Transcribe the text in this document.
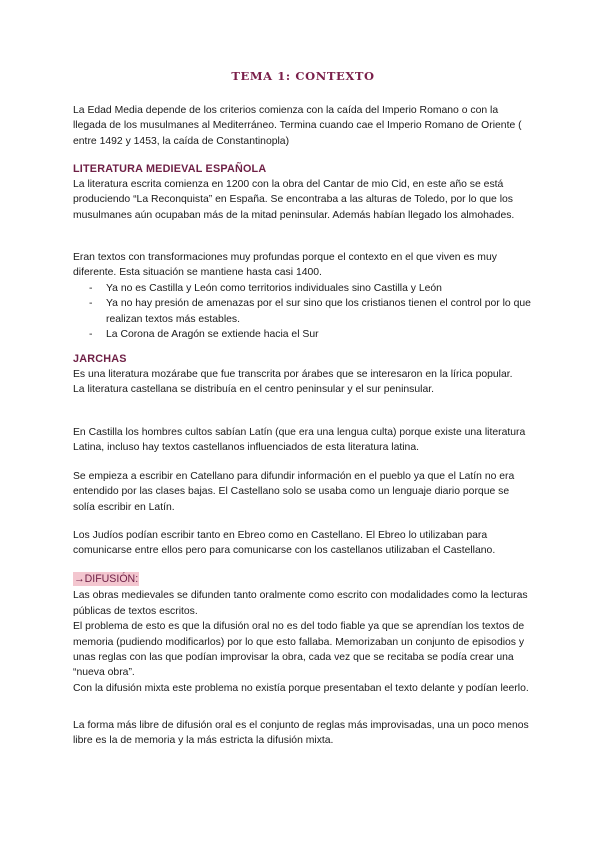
TEMA 1: CONTEXTO

La Edad Media depende de los criterios comienza con la caída del Imperio Romano o con la llegada de los musulmanes al Mediterráneo. Termina cuando cae el Imperio Romano de Oriente ( entre 1492 y 1453, la caída de Constantinopla)

LITERATURA MEDIEVAL ESPAÑOLA

La literatura escrita comienza en 1200 con la obra del Cantar de mio Cid, en este año se está produciendo “La Reconquista” en España. Se encontraba a las alturas de Toledo, por lo que los musulmanes aún ocupaban más de la mitad peninsular. Además habían llegado los almohades.

Eran textos con transformaciones muy profundas porque el contexto en el que viven es muy diferente. Esta situación se mantiene hasta casi 1400.

- Ya no es Castilla y León como territorios individuales sino Castilla y León
- Ya no hay presión de amenazas por el sur sino que los cristianos tienen el control por lo que realizan textos más estables.
- La Corona de Aragón se extiende hacia el Sur

JARCHAS

Es una literatura mozárabe que fue transcrita por árabes que se interesaron en la lírica popular.

La literatura castellana se distribuía en el centro peninsular y el sur peninsular.

En Castilla los hombres cultos sabían Latín (que era una lengua culta) porque existe una literatura Latina, incluso hay textos castellanos influenciados de esta literatura latina.

Se empieza a escribir en Catellano para difundir información en el pueblo ya que el Latín no era entendido por las clases bajas. El Castellano solo se usaba como un lenguaje diario porque se solía escribir en Latín.

Los Judíos podían escribir tanto en Ebreo como en Castellano. El Ebreo lo utilizaban para comunicarse entre ellos pero para comunicarse con los castellanos utilizaban el Castellano.

→DIFUSIÓN:

Las obras medievales se difunden tanto oralmente como escrito con modalidades como la lecturas públicas de textos escritos.

El problema de esto es que la difusión oral no es del todo fiable ya que se aprendían los textos de memoria (pudiendo modificarlos) por lo que esto fallaba. Memorizaban un conjunto de episodios y unas reglas con las que podían improvisar la obra, cada vez que se recitaba se podía crear una “nueva obra”.

Con la difusión mixta este problema no existía porque presentaban el texto delante y podían leerlo.

La forma más libre de difusión oral es el conjunto de reglas más improvisadas, una un poco menos libre es la de memoria y la más estricta la difusión mixta.
